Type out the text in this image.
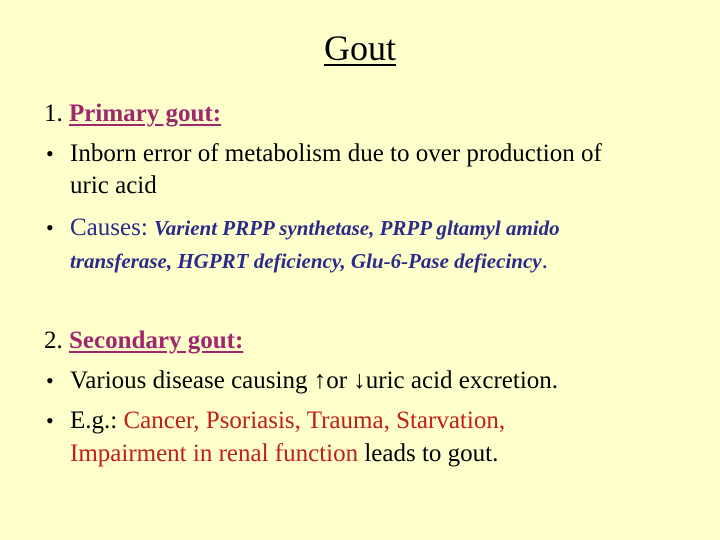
Gout
1. Primary gout:
• Inborn error of metabolism due to over production of
uric acid
• Causes: Varient PRPP synthetase, PRPP gltamyl amido
transferase, HGPRT deficiency, Glu-6-Pase defiecincy.
2. Secondary gout:
• Various disease causing ↑or ↓uric acid excretion.
• E.g.: Cancer, Psoriasis, Trauma, Starvation,
Impairment in renal function leads to gout.
